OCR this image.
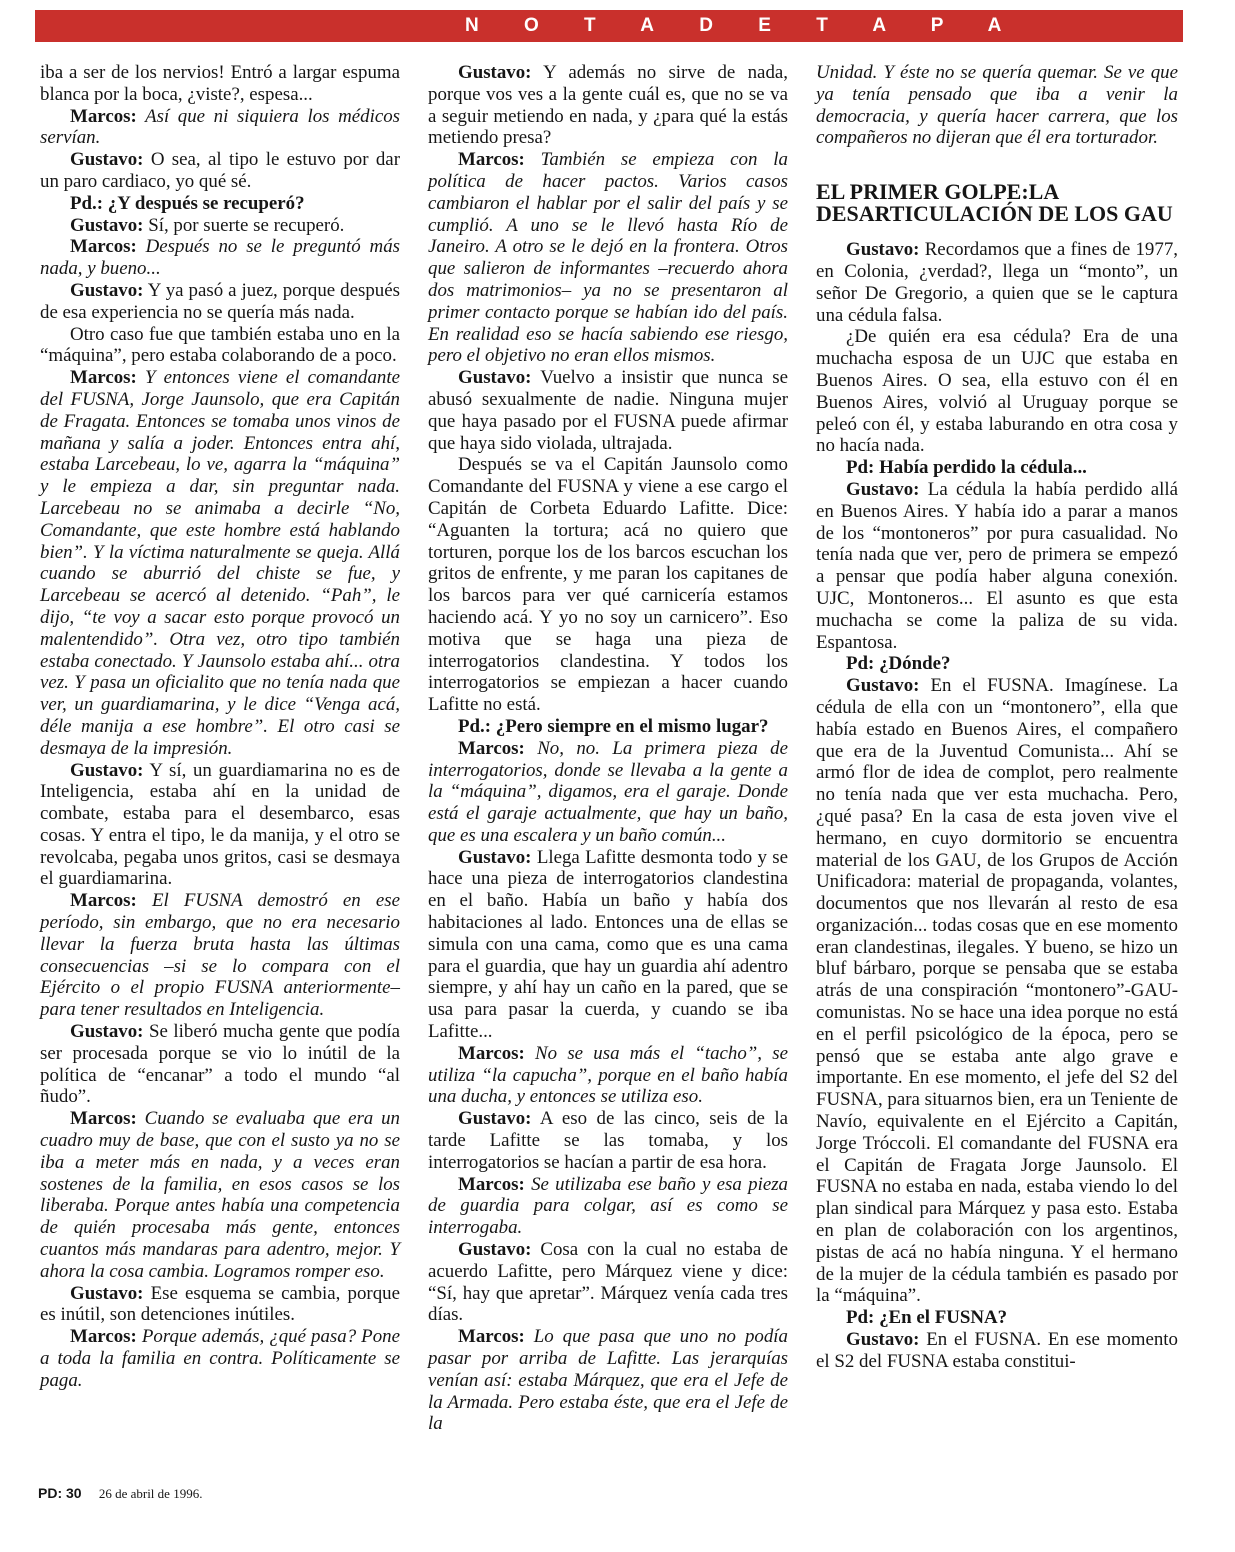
N O T A D E T A P A

iba a ser de los nervios! Entró a largar espuma blanca por la boca, ¿viste?, espesa...

Marcos: Así que ni siquiera los médicos servían.

Gustavo: O sea, al tipo le estuvo por dar un paro cardiaco, yo qué sé.

Pd.: ¿Y después se recuperó?

Gustavo: Sí, por suerte se recuperó.

Marcos: Después no se le preguntó más nada, y bueno...

Gustavo: Y ya pasó a juez, porque después de esa experiencia no se quería más nada.

Otro caso fue que también estaba uno en la “máquina”, pero estaba colaborando de a poco.

Marcos: Y entonces viene el comandante del FUSNA, Jorge Jaunsolo, que era Capitán de Fragata. Entonces se tomaba unos vinos de mañana y salía a joder. Entonces entra ahí, estaba Larcebeau, lo ve, agarra la “máquina” y le empieza a dar, sin preguntar nada. Larcebeau no se animaba a decirle “No, Comandante, que este hombre está hablando bien”. Y la víctima naturalmente se queja. Allá cuando se aburrió del chiste se fue, y Larcebeau se acercó al detenido. “Pah”, le dijo, “te voy a sacar esto porque provocó un malentendido”. Otra vez, otro tipo también estaba conectado. Y Jaunsolo estaba ahí... otra vez. Y pasa un oficialito que no tenía nada que ver, un guardiamarina, y le dice “Venga acá, déle manija a ese hombre”. El otro casi se desmaya de la impresión.

Gustavo: Y sí, un guardiamarina no es de Inteligencia, estaba ahí en la unidad de combate, estaba para el desembarco, esas cosas. Y entra el tipo, le da manija, y el otro se revolcaba, pegaba unos gritos, casi se desmaya el guardiamarina.

Marcos: El FUSNA demostró en ese período, sin embargo, que no era necesario llevar la fuerza bruta hasta las últimas consecuencias –si se lo compara con el Ejército o el propio FUSNA anteriormente– para tener resultados en Inteligencia.

Gustavo: Se liberó mucha gente que podía ser procesada porque se vio lo inútil de la política de “encanar” a todo el mundo “al ñudo”.

Marcos: Cuando se evaluaba que era un cuadro muy de base, que con el susto ya no se iba a meter más en nada, y a veces eran sostenes de la familia, en esos casos se los liberaba. Porque antes había una competencia de quién procesaba más gente, entonces cuantos más mandaras para adentro, mejor. Y ahora la cosa cambia. Logramos romper eso.

Gustavo: Ese esquema se cambia, porque es inútil, son detenciones inútiles.

Marcos: Porque además, ¿qué pasa? Pone a toda la familia en contra. Políticamente se paga.

Gustavo: Y además no sirve de nada, porque vos ves a la gente cuál es, que no se va a seguir metiendo en nada, y ¿para qué la estás metiendo presa?

Marcos: También se empieza con la política de hacer pactos. Varios casos cambiaron el hablar por el salir del país y se cumplió. A uno se le llevó hasta Río de Janeiro. A otro se le dejó en la frontera. Otros que salieron de informantes –recuerdo ahora dos matrimonios– ya no se presentaron al primer contacto porque se habían ido del país. En realidad eso se hacía sabiendo ese riesgo, pero el objetivo no eran ellos mismos.

Gustavo: Vuelvo a insistir que nunca se abusó sexualmente de nadie. Ninguna mujer que haya pasado por el FUSNA puede afirmar que haya sido violada, ultrajada.

Después se va el Capitán Jaunsolo como Comandante del FUSNA y viene a ese cargo el Capitán de Corbeta Eduardo Lafitte. Dice: “Aguanten la tortura; acá no quiero que torturen, porque los de los barcos escuchan los gritos de enfrente, y me paran los capitanes de los barcos para ver qué carnicería estamos haciendo acá. Y yo no soy un carnicero”. Eso motiva que se haga una pieza de interrogatorios clandestina. Y todos los interrogatorios se empiezan a hacer cuando Lafitte no está.

Pd.: ¿Pero siempre en el mismo lugar?

Marcos: No, no. La primera pieza de interrogatorios, donde se llevaba a la gente a la “máquina”, digamos, era el garaje. Donde está el garaje actualmente, que hay un baño, que es una escalera y un baño común...

Gustavo: Llega Lafitte desmonta todo y se hace una pieza de interrogatorios clandestina en el baño. Había un baño y había dos habitaciones al lado. Entonces una de ellas se simula con una cama, como que es una cama para el guardia, que hay un guardia ahí adentro siempre, y ahí hay un caño en la pared, que se usa para pasar la cuerda, y cuando se iba Lafitte...

Marcos: No se usa más el “tacho”, se utiliza “la capucha”, porque en el baño había una ducha, y entonces se utiliza eso.

Gustavo: A eso de las cinco, seis de la tarde Lafitte se las tomaba, y los interrogatorios se hacían a partir de esa hora.

Marcos: Se utilizaba ese baño y esa pieza de guardia para colgar, así es como se interrogaba.

Gustavo: Cosa con la cual no estaba de acuerdo Lafitte, pero Márquez viene y dice: “Sí, hay que apretar”. Márquez venía cada tres días.

Marcos: Lo que pasa que uno no podía pasar por arriba de Lafitte. Las jerarquías venían así: estaba Márquez, que era el Jefe de la Armada. Pero estaba éste, que era el Jefe de la

Unidad. Y éste no se quería quemar. Se ve que ya tenía pensado que iba a venir la democracia, y quería hacer carrera, que los compañeros no dijeran que él era torturador.

EL PRIMER GOLPE:LA DESARTICULACIÓN DE LOS GAU

Gustavo: Recordamos que a fines de 1977, en Colonia, ¿verdad?, llega un “monto”, un señor De Gregorio, a quien que se le captura una cédula falsa.

¿De quién era esa cédula? Era de una muchacha esposa de un UJC que estaba en Buenos Aires. O sea, ella estuvo con él en Buenos Aires, volvió al Uruguay porque se peleó con él, y estaba laburando en otra cosa y no hacía nada.

Pd: Había perdido la cédula...

Gustavo: La cédula la había perdido allá en Buenos Aires. Y había ido a parar a manos de los “montoneros” por pura casualidad. No tenía nada que ver, pero de primera se empezó a pensar que podía haber alguna conexión. UJC, Montoneros... El asunto es que esta muchacha se come la paliza de su vida. Espantosa.

Pd: ¿Dónde?

Gustavo: En el FUSNA. Imagínese. La cédula de ella con un “montonero”, ella que había estado en Buenos Aires, el compañero que era de la Juventud Comunista... Ahí se armó flor de idea de complot, pero realmente no tenía nada que ver esta muchacha. Pero, ¿qué pasa? En la casa de esta joven vive el hermano, en cuyo dormitorio se encuentra material de los GAU, de los Grupos de Acción Unificadora: material de propaganda, volantes, documentos que nos llevarán al resto de esa organización... todas cosas que en ese momento eran clandestinas, ilegales. Y bueno, se hizo un bluf bárbaro, porque se pensaba que se estaba atrás de una conspiración “montonero”-GAU-comunistas. No se hace una idea porque no está en el perfil psicológico de la época, pero se pensó que se estaba ante algo grave e importante. En ese momento, el jefe del S2 del FUSNA, para situarnos bien, era un Teniente de Navío, equivalente en el Ejército a Capitán, Jorge Tróccoli. El comandante del FUSNA era el Capitán de Fragata Jorge Jaunsolo. El FUSNA no estaba en nada, estaba viendo lo del plan sindical para Márquez y pasa esto. Estaba en plan de colaboración con los argentinos, pistas de acá no había ninguna. Y el hermano de la mujer de la cédula también es pasado por la “máquina”.

Pd: ¿En el FUSNA?

Gustavo: En el FUSNA. En ese momento el S2 del FUSNA estaba constitui-

PD: 30 26 de abril de 1996.
